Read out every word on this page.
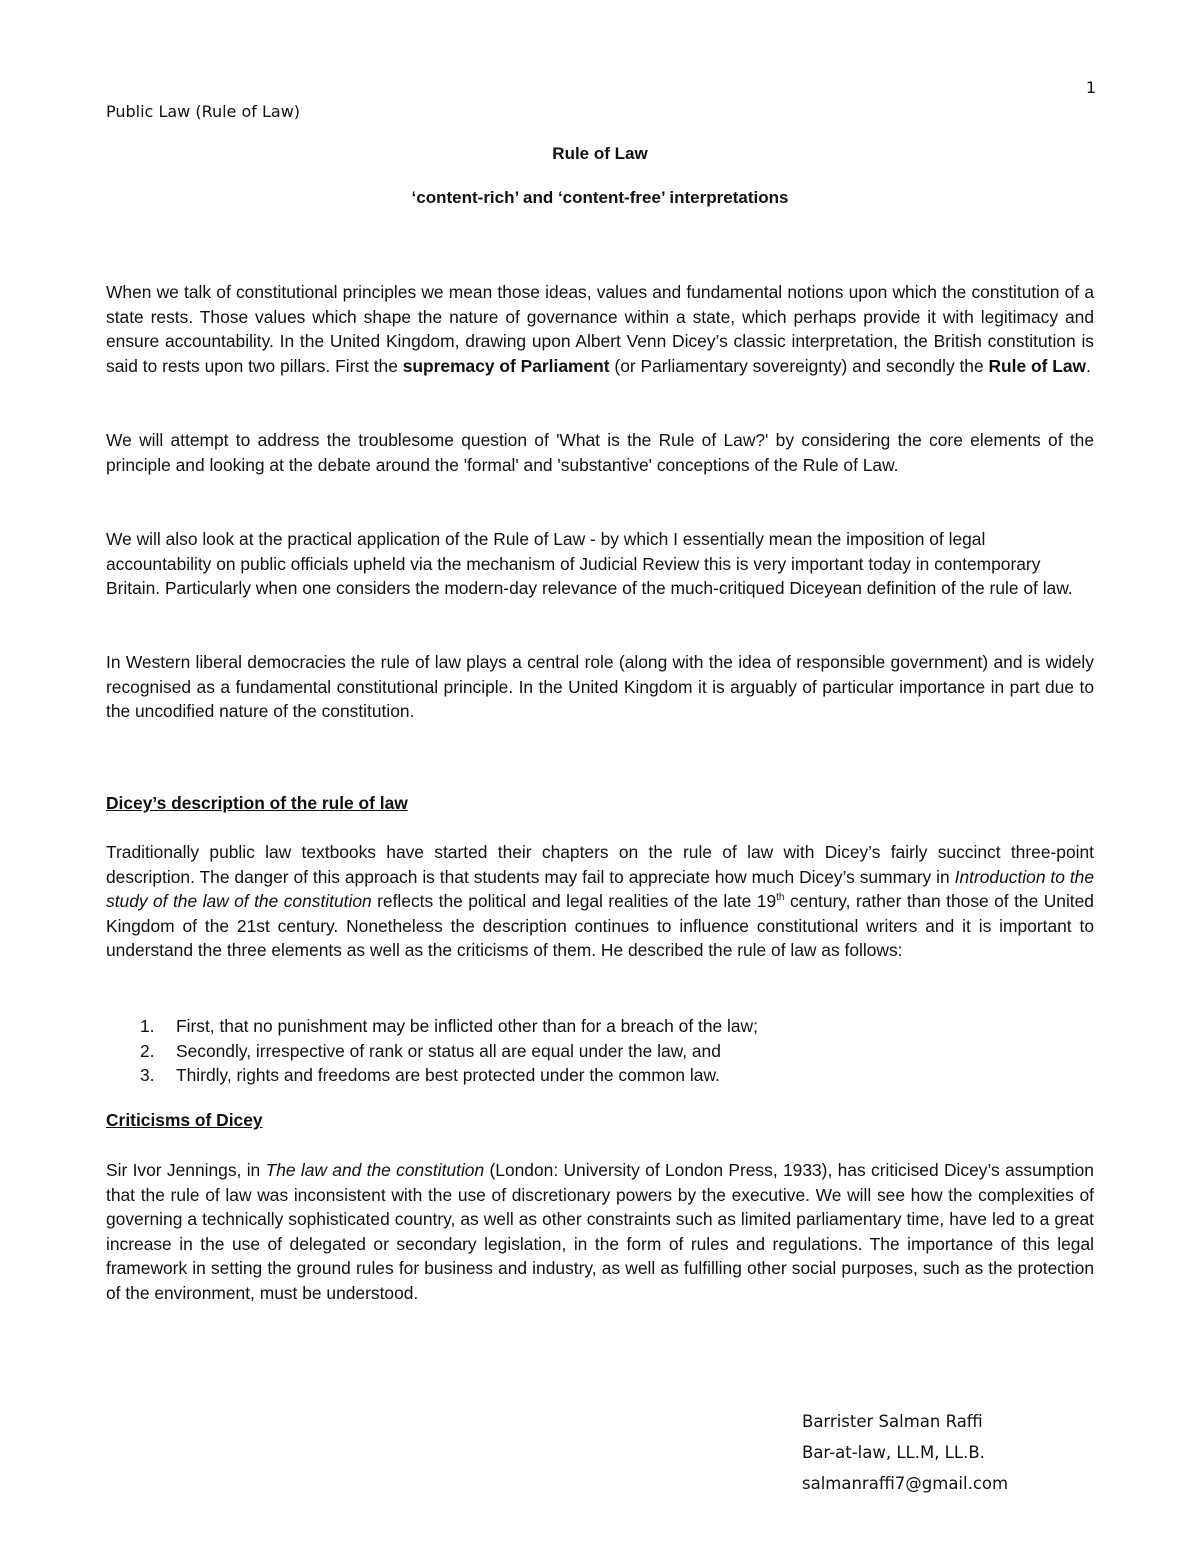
1
Public Law (Rule of Law)
Rule of Law
‘content-rich’ and ‘content-free’ interpretations

When we talk of constitutional principles we mean those ideas, values and fundamental notions upon which the constitution of a state rests. Those values which shape the nature of governance within a state, which perhaps provide it with legitimacy and ensure accountability. In the United Kingdom, drawing upon Albert Venn Dicey’s classic interpretation, the British constitution is said to rests upon two pillars. First the supremacy of Parliament (or Parliamentary sovereignty) and secondly the Rule of Law.

We will attempt to address the troublesome question of 'What is the Rule of Law?' by considering the core elements of the principle and looking at the debate around the 'formal' and 'substantive' conceptions of the Rule of Law.

We will also look at the practical application of the Rule of Law - by which I essentially mean the imposition of legal accountability on public officials upheld via the mechanism of Judicial Review this is very important today in contemporary Britain. Particularly when one considers the modern-day relevance of the much-critiqued Diceyean definition of the rule of law.

In Western liberal democracies the rule of law plays a central role (along with the idea of responsible government) and is widely recognised as a fundamental constitutional principle. In the United Kingdom it is arguably of particular importance in part due to the uncodified nature of the constitution.

Dicey’s description of the rule of law

Traditionally public law textbooks have started their chapters on the rule of law with Dicey’s fairly succinct three-point description. The danger of this approach is that students may fail to appreciate how much Dicey’s summary in Introduction to the study of the law of the constitution reflects the political and legal realities of the late 19th century, rather than those of the United Kingdom of the 21st century. Nonetheless the description continues to influence constitutional writers and it is important to understand the three elements as well as the criticisms of them. He described the rule of law as follows:

1.	First, that no punishment may be inflicted other than for a breach of the law;
2.	Secondly, irrespective of rank or status all are equal under the law, and
3.	Thirdly, rights and freedoms are best protected under the common law.
Criticisms of Dicey

Sir Ivor Jennings, in The law and the constitution (London: University of London Press, 1933), has criticised Dicey’s assumption that the rule of law was inconsistent with the use of discretionary powers by the executive. We will see how the complexities of governing a technically sophisticated country, as well as other constraints such as limited parliamentary time, have led to a great increase in the use of delegated or secondary legislation, in the form of rules and regulations. The importance of this legal framework in setting the ground rules for business and industry, as well as fulfilling other social purposes, such as the protection of the environment, must be understood.

Barrister Salman Raffi
Bar-at-law, LL.M, LL.B.
salmanraffi7@gmail.com
